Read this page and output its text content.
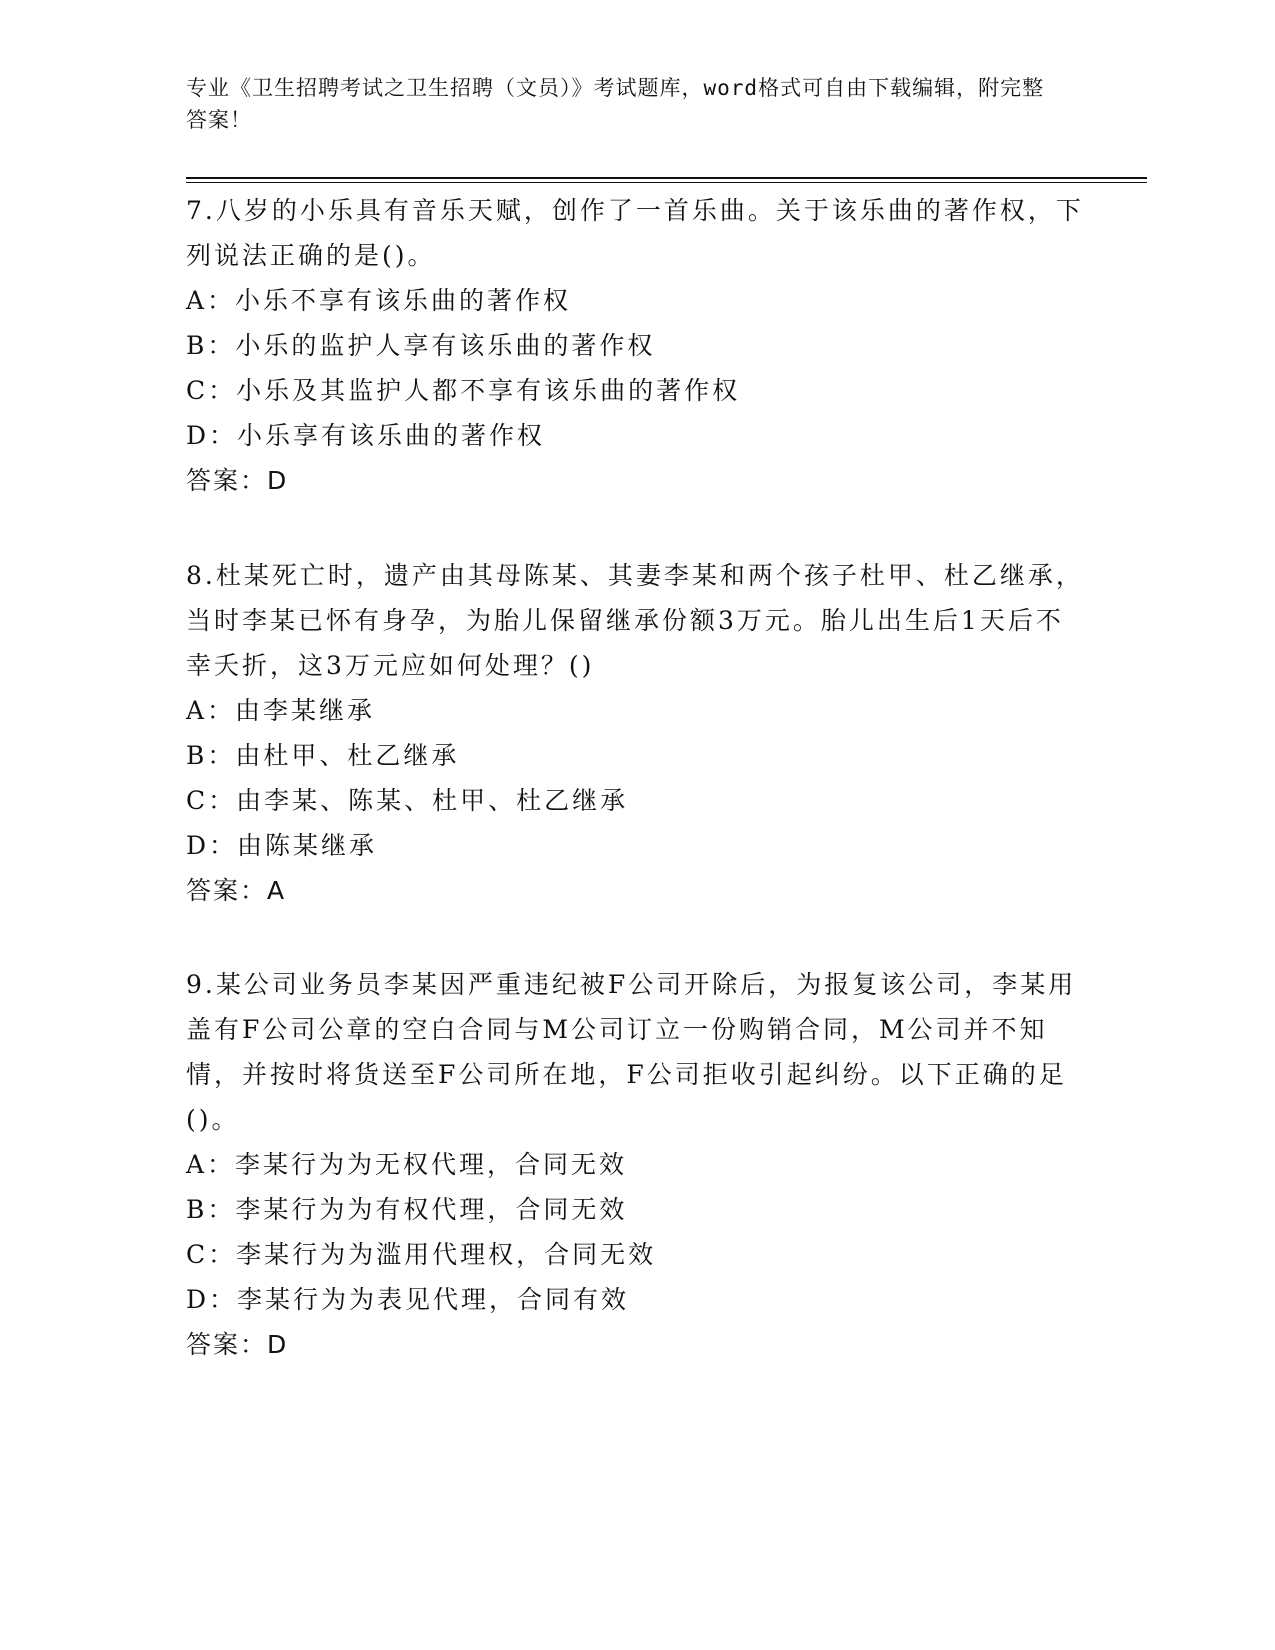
专业《卫生招聘考试之卫生招聘（文员）》考试题库，word格式可自由下载编辑，附完整答案！

7.八岁的小乐具有音乐天赋，创作了一首乐曲。关于该乐曲的著作权，下列说法正确的是()。

A：小乐不享有该乐曲的著作权

B：小乐的监护人享有该乐曲的著作权

C：小乐及其监护人都不享有该乐曲的著作权

D：小乐享有该乐曲的著作权

答案：D

8.杜某死亡时，遗产由其母陈某、其妻李某和两个孩子杜甲、杜乙继承，当时李某已怀有身孕，为胎儿保留继承份额3万元。胎儿出生后1天后不幸夭折，这3万元应如何处理？()

A：由李某继承

B：由杜甲、杜乙继承

C：由李某、陈某、杜甲、杜乙继承

D：由陈某继承

答案：A

9.某公司业务员李某因严重违纪被F公司开除后，为报复该公司，李某用盖有F公司公章的空白合同与M公司订立一份购销合同，M公司并不知情，并按时将货送至F公司所在地，F公司拒收引起纠纷。以下正确的足()。

A：李某行为为无权代理，合同无效

B：李某行为为有权代理，合同无效

C：李某行为为滥用代理权，合同无效

D：李某行为为表见代理，合同有效

答案：D
